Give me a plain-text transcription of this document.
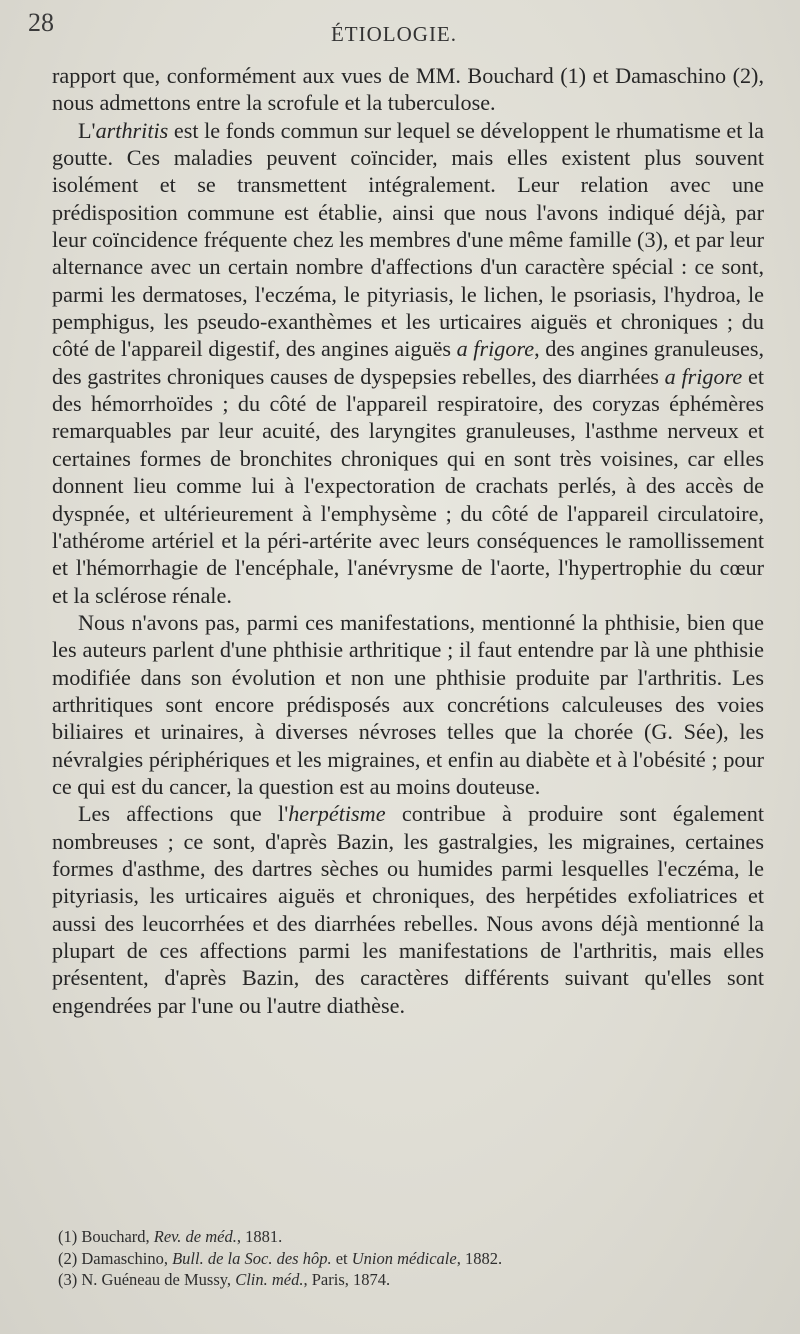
28	ÉTIOLOGIE.

rapport que, conformément aux vues de MM. Bouchard (1) et Damaschino (2), nous admettons entre la scrofule et la tuberculose.

L'arthritis est le fonds commun sur lequel se développent le rhumatisme et la goutte. Ces maladies peuvent coïncider, mais elles existent plus souvent isolément et se transmettent intégralement. Leur relation avec une prédisposition commune est établie, ainsi que nous l'avons indiqué déjà, par leur coïncidence fréquente chez les membres d'une même famille (3), et par leur alternance avec un certain nombre d'affections d'un caractère spécial : ce sont, parmi les dermatoses, l'eczéma, le pityriasis, le lichen, le psoriasis, l'hydroa, le pemphigus, les pseudo-exanthèmes et les urticaires aiguës et chroniques ; du côté de l'appareil digestif, des angines aiguës a frigore, des angines granuleuses, des gastrites chroniques causes de dyspepsies rebelles, des diarrhées a frigore et des hémorrhoïdes ; du côté de l'appareil respiratoire, des coryzas éphémères remarquables par leur acuité, des laryngites granuleuses, l'asthme nerveux et certaines formes de bronchites chroniques qui en sont très voisines, car elles donnent lieu comme lui à l'expectoration de crachats perlés, à des accès de dyspnée, et ultérieurement à l'emphysème ; du côté de l'appareil circulatoire, l'athérome artériel et la péri-artérite avec leurs conséquences le ramollissement et l'hémorrhagie de l'encéphale, l'anévrysme de l'aorte, l'hypertrophie du cœur et la sclérose rénale.

Nous n'avons pas, parmi ces manifestations, mentionné la phthisie, bien que les auteurs parlent d'une phthisie arthritique ; il faut entendre par là une phthisie modifiée dans son évolution et non une phthisie produite par l'arthritis. Les arthritiques sont encore prédisposés aux concrétions calculeuses des voies biliaires et urinaires, à diverses névroses telles que la chorée (G. Sée), les névralgies périphériques et les migraines, et enfin au diabète et à l'obésité ; pour ce qui est du cancer, la question est au moins douteuse.

Les affections que l'herpétisme contribue à produire sont également nombreuses ; ce sont, d'après Bazin, les gastralgies, les migraines, certaines formes d'asthme, des dartres sèches ou humides parmi lesquelles l'eczéma, le pityriasis, les urticaires aiguës et chroniques, des herpétides exfoliatrices et aussi des leucorrhées et des diarrhées rebelles. Nous avons déjà mentionné la plupart de ces affections parmi les manifestations de l'arthritis, mais elles présentent, d'après Bazin, des caractères différents suivant qu'elles sont engendrées par l'une ou l'autre diathèse.

(1) Bouchard, Rev. de méd., 1881.

(2) Damaschino, Bull. de la Soc. des hôp. et Union médicale, 1882.

(3) N. Guéneau de Mussy, Clin. méd., Paris, 1874.
